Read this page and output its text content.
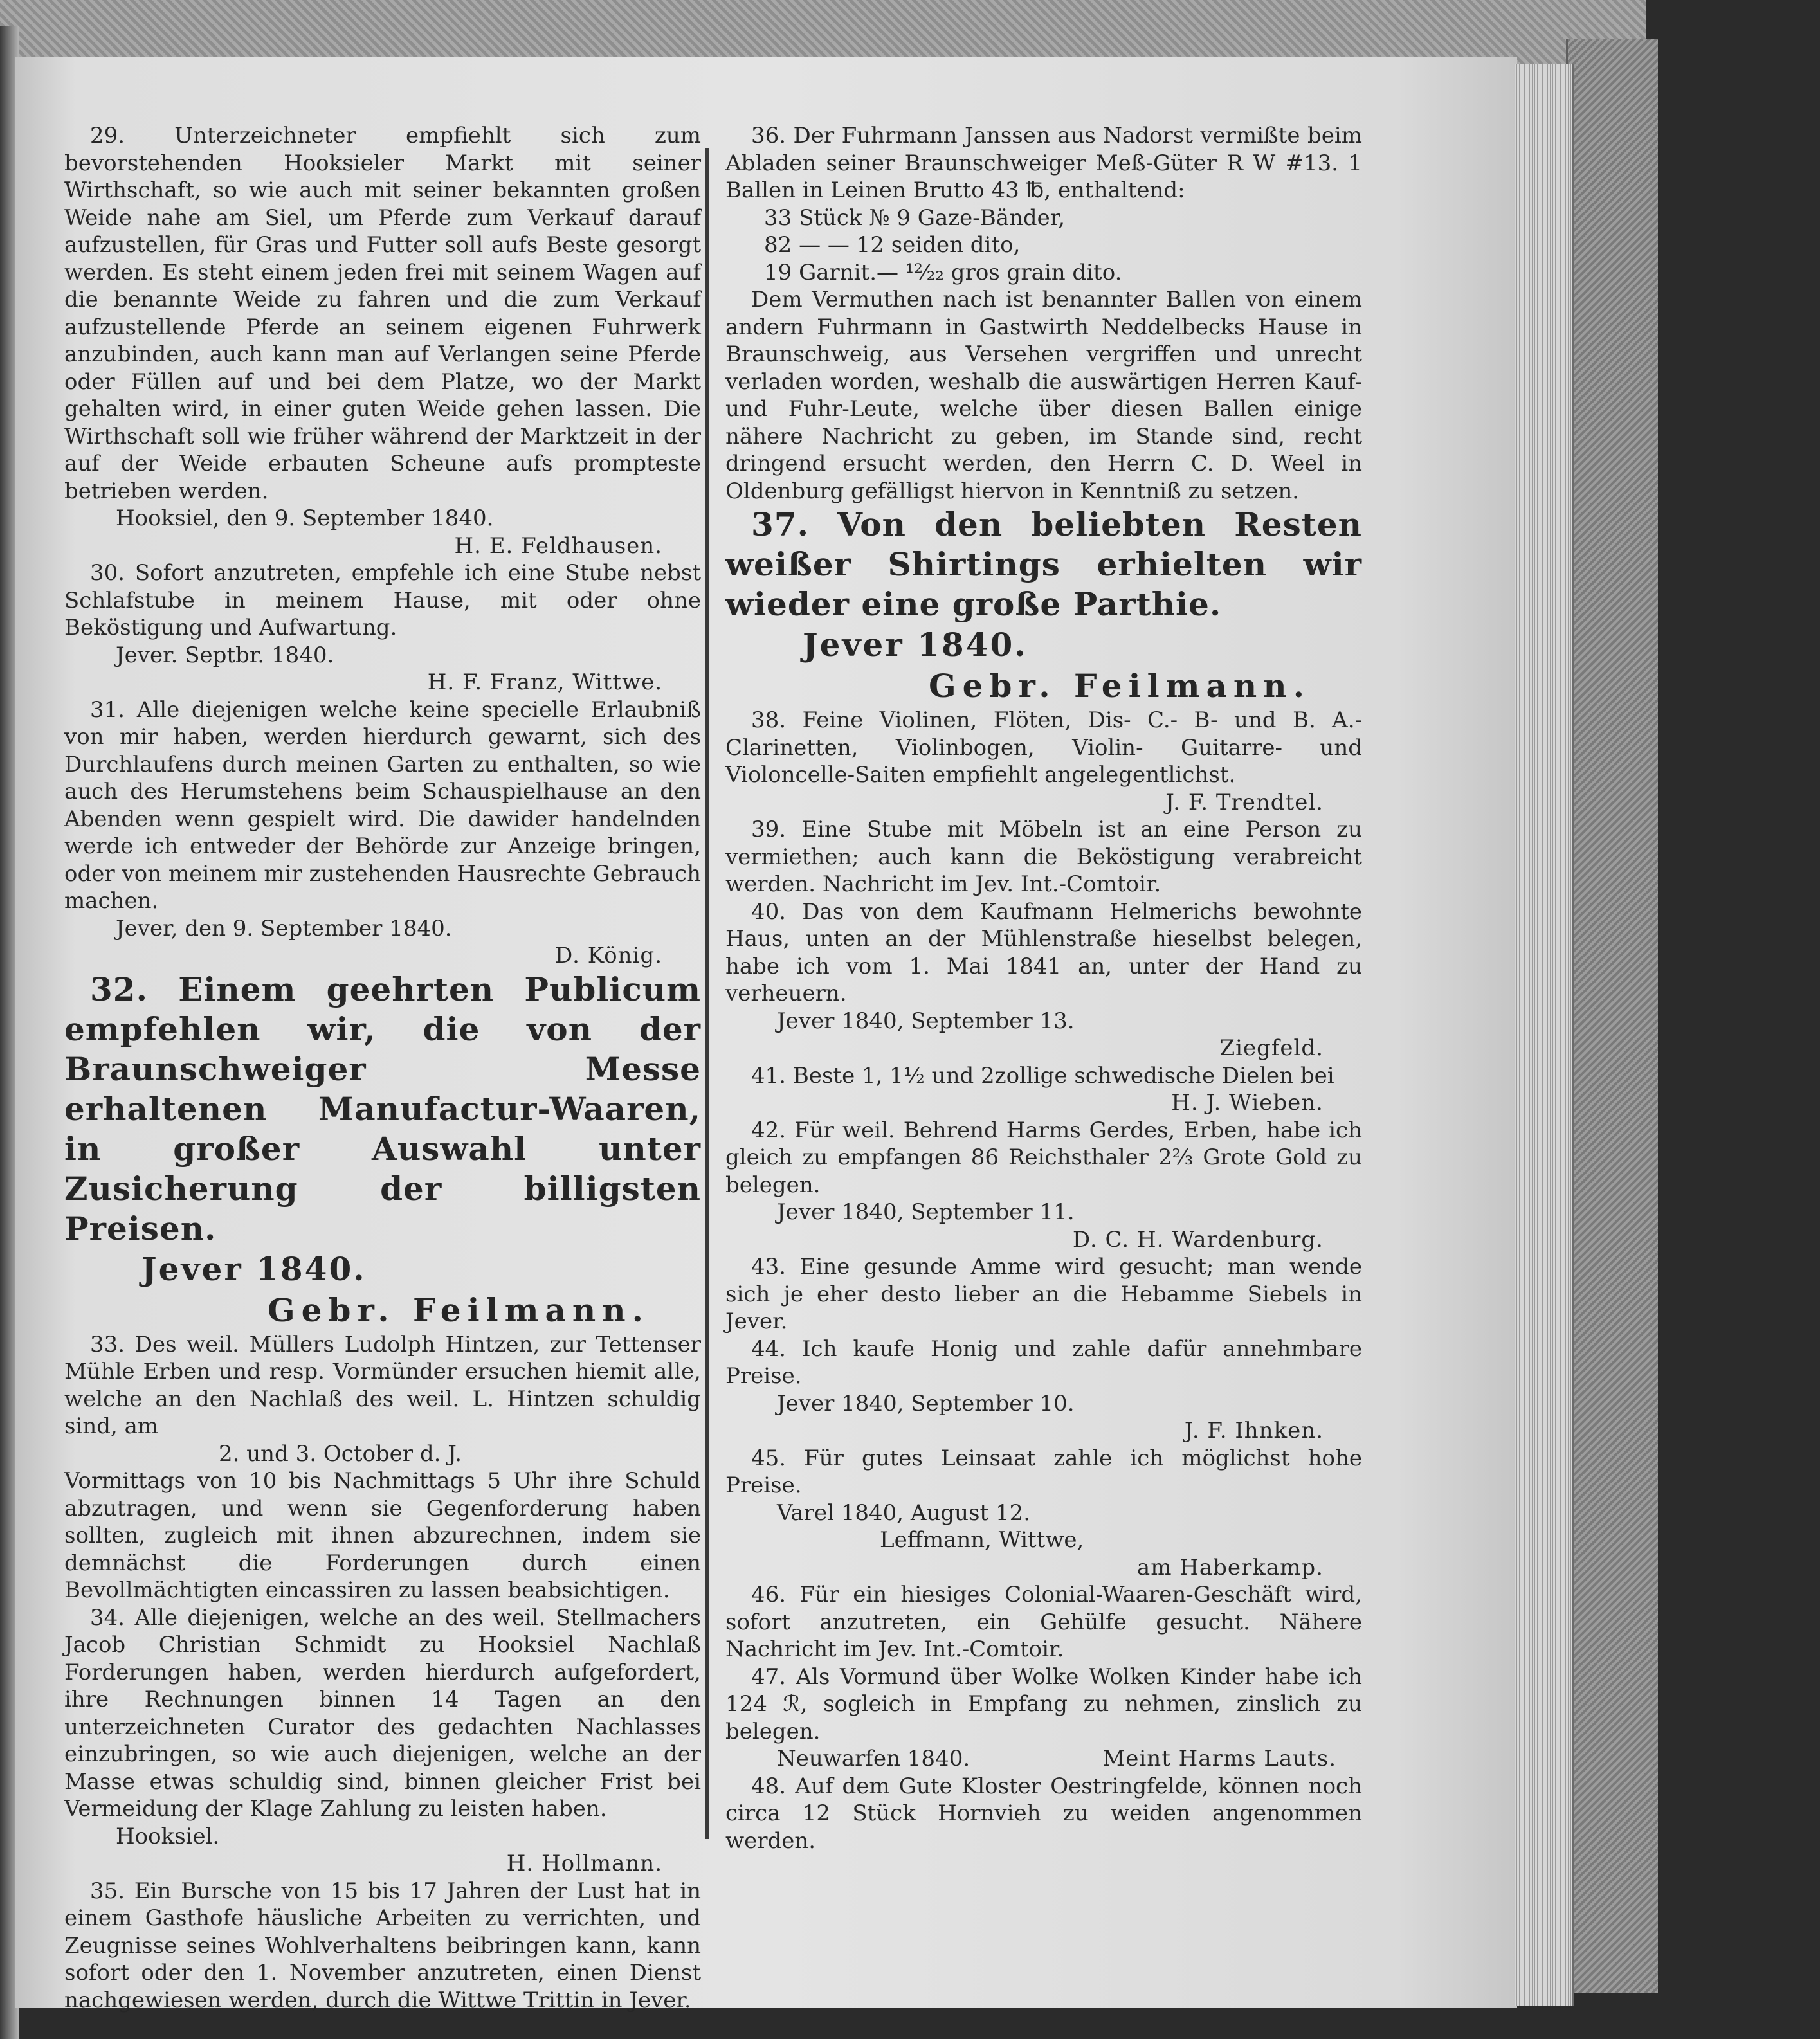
29. Unterzeichneter empfiehlt sich zum bevorstehenden Hooksieler Markt mit seiner Wirthschaft, so wie auch mit seiner bekannten großen Weide nahe am Siel, um Pferde zum Verkauf darauf aufzustellen, für Gras und Futter soll aufs Beste gesorgt werden. Es steht einem jeden frei mit seinem Wagen auf die benannte Weide zu fahren und die zum Verkauf aufzustellende Pferde an seinem eigenen Fuhrwerk anzubinden, auch kann man auf Verlangen seine Pferde oder Füllen auf und bei dem Platze, wo der Markt gehalten wird, in einer guten Weide gehen lassen. Die Wirthschaft soll wie früher während der Marktzeit in der auf der Weide erbauten Scheune aufs prompteste betrieben werden.

Hooksiel, den 9. September 1840.

H. E. Feldhausen.

30. Sofort anzutreten, empfehle ich eine Stube nebst Schlafstube in meinem Hause, mit oder ohne Beköstigung und Aufwartung.

Jever. Septbr. 1840.

H. F. Franz, Wittwe.

31. Alle diejenigen welche keine specielle Erlaubniß von mir haben, werden hierdurch gewarnt, sich des Durchlaufens durch meinen Garten zu enthalten, so wie auch des Herumstehens beim Schauspielhause an den Abenden wenn gespielt wird. Die dawider handelnden werde ich entweder der Behörde zur Anzeige bringen, oder von meinem mir zustehenden Hausrechte Gebrauch machen.

Jever, den 9. September 1840.

D. König.

32. Einem geehrten Publicum empfehlen wir, die von der Braunschweiger Messe erhaltenen Manufactur-Waaren, in großer Auswahl unter Zusicherung der billigsten Preisen.

Jever 1840.

Gebr. Feilmann.

33. Des weil. Müllers Ludolph Hintzen, zur Tettenser Mühle Erben und resp. Vormünder ersuchen hiemit alle, welche an den Nachlaß des weil. L. Hintzen schuldig sind, am

2. und 3. October d. J.

Vormittags von 10 bis Nachmittags 5 Uhr ihre Schuld abzutragen, und wenn sie Gegenforderung haben sollten, zugleich mit ihnen abzurechnen, indem sie demnächst die Forderungen durch einen Bevollmächtigten eincassiren zu lassen beabsichtigen.

34. Alle diejenigen, welche an des weil. Stellmachers Jacob Christian Schmidt zu Hooksiel Nachlaß Forderungen haben, werden hierdurch aufgefordert, ihre Rechnungen binnen 14 Tagen an den unterzeichneten Curator des gedachten Nachlasses einzubringen, so wie auch diejenigen, welche an der Masse etwas schuldig sind, binnen gleicher Frist bei Vermeidung der Klage Zahlung zu leisten haben.

Hooksiel.

H. Hollmann.

35. Ein Bursche von 15 bis 17 Jahren der Lust hat in einem Gasthofe häusliche Arbeiten zu verrichten, und Zeugnisse seines Wohlverhaltens beibringen kann, kann sofort oder den 1. November anzutreten, einen Dienst nachgewiesen werden, durch die Wittwe Trittin in Jever.

36. Der Fuhrmann Janssen aus Nadorst vermißte beim Abladen seiner Braunschweiger Meß-Güter R W #13. 1 Ballen in Leinen Brutto 43 ℔, enthaltend:

33 Stück № 9 Gaze-Bänder,

82 — — 12 seiden dito,

19 Garnit.— ¹²⁄₂₂ gros grain dito.

Dem Vermuthen nach ist benannter Ballen von einem andern Fuhrmann in Gastwirth Neddelbecks Hause in Braunschweig, aus Versehen vergriffen und unrecht verladen worden, weshalb die auswärtigen Herren Kauf- und Fuhr-Leute, welche über diesen Ballen einige nähere Nachricht zu geben, im Stande sind, recht dringend ersucht werden, den Herrn C. D. Weel in Oldenburg gefälligst hiervon in Kenntniß zu setzen.

37. Von den beliebten Resten weißer Shirtings erhielten wir wieder eine große Parthie.

Jever 1840.

Gebr. Feilmann.

38. Feine Violinen, Flöten, Dis- C.- B- und B. A.- Clarinetten, Violinbogen, Violin- Guitarre- und Violoncelle-Saiten empfiehlt angelegentlichst.

J. F. Trendtel.

39. Eine Stube mit Möbeln ist an eine Person zu vermiethen; auch kann die Beköstigung verabreicht werden. Nachricht im Jev. Int.-Comtoir.

40. Das von dem Kaufmann Helmerichs bewohnte Haus, unten an der Mühlenstraße hieselbst belegen, habe ich vom 1. Mai 1841 an, unter der Hand zu verheuern.

Jever 1840, September 13.

Ziegfeld.

41. Beste 1, 1½ und 2zollige schwedische Dielen bei

H. J. Wieben.

42. Für weil. Behrend Harms Gerdes, Erben, habe ich gleich zu empfangen 86 Reichsthaler 2⅔ Grote Gold zu belegen.

Jever 1840, September 11.

D. C. H. Wardenburg.

43. Eine gesunde Amme wird gesucht; man wende sich je eher desto lieber an die Hebamme Siebels in Jever.

44. Ich kaufe Honig und zahle dafür annehmbare Preise.

Jever 1840, September 10.

J. F. Ihnken.

45. Für gutes Leinsaat zahle ich möglichst hohe Preise.

Varel 1840, August 12.

Leffmann, Wittwe,

am Haberkamp.

46. Für ein hiesiges Colonial-Waaren-Geschäft wird, sofort anzutreten, ein Gehülfe gesucht. Nähere Nachricht im Jev. Int.-Comtoir.

47. Als Vormund über Wolke Wolken Kinder habe ich 124 ℛ, sogleich in Empfang zu nehmen, zinslich zu belegen.

Neuwarfen 1840.	Meint Harms Lauts.

48. Auf dem Gute Kloster Oestringfelde, können noch circa 12 Stück Hornvieh zu weiden angenommen werden.
